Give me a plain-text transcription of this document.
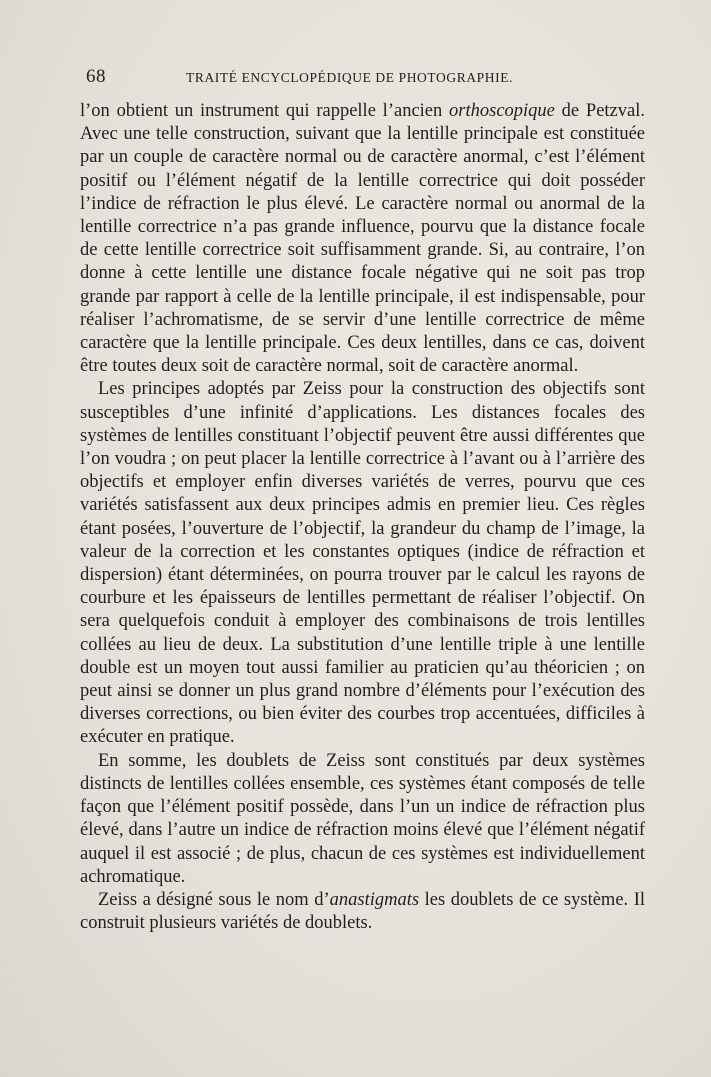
68	TRAITÉ ENCYCLOPÉDIQUE DE PHOTOGRAPHIE.

l’on obtient un instrument qui rappelle l’ancien orthoscopique de Petzval. Avec une telle construction, suivant que la lentille principale est constituée par un couple de caractère normal ou de caractère anormal, c’est l’élément positif ou l’élément négatif de la lentille correctrice qui doit posséder l’indice de réfraction le plus élevé. Le caractère normal ou anormal de la lentille correctrice n’a pas grande influence, pourvu que la distance focale de cette lentille correctrice soit suffisamment grande. Si, au contraire, l’on donne à cette lentille une distance focale négative qui ne soit pas trop grande par rapport à celle de la lentille principale, il est indispensable, pour réaliser l’achromatisme, de se servir d’une lentille correctrice de même caractère que la lentille principale. Ces deux lentilles, dans ce cas, doivent être toutes deux soit de caractère normal, soit de caractère anormal.

Les principes adoptés par Zeiss pour la construction des objectifs sont susceptibles d’une infinité d’applications. Les distances focales des systèmes de lentilles constituant l’objectif peuvent être aussi différentes que l’on voudra ; on peut placer la lentille correctrice à l’avant ou à l’arrière des objectifs et employer enfin diverses variétés de verres, pourvu que ces variétés satisfassent aux deux principes admis en premier lieu. Ces règles étant posées, l’ouverture de l’objectif, la grandeur du champ de l’image, la valeur de la correction et les constantes optiques (indice de réfraction et dispersion) étant déterminées, on pourra trouver par le calcul les rayons de courbure et les épaisseurs de lentilles permettant de réaliser l’objectif. On sera quelquefois conduit à employer des combinaisons de trois lentilles collées au lieu de deux. La substitution d’une lentille triple à une lentille double est un moyen tout aussi familier au praticien qu’au théoricien ; on peut ainsi se donner un plus grand nombre d’éléments pour l’exécution des diverses corrections, ou bien éviter des courbes trop accentuées, difficiles à exécuter en pratique.

En somme, les doublets de Zeiss sont constitués par deux systèmes distincts de lentilles collées ensemble, ces systèmes étant composés de telle façon que l’élément positif possède, dans l’un un indice de réfraction plus élevé, dans l’autre un indice de réfraction moins élevé que l’élément négatif auquel il est associé ; de plus, chacun de ces systèmes est individuellement achromatique.

Zeiss a désigné sous le nom d’anastigmats les doublets de ce système. Il construit plusieurs variétés de doublets.
